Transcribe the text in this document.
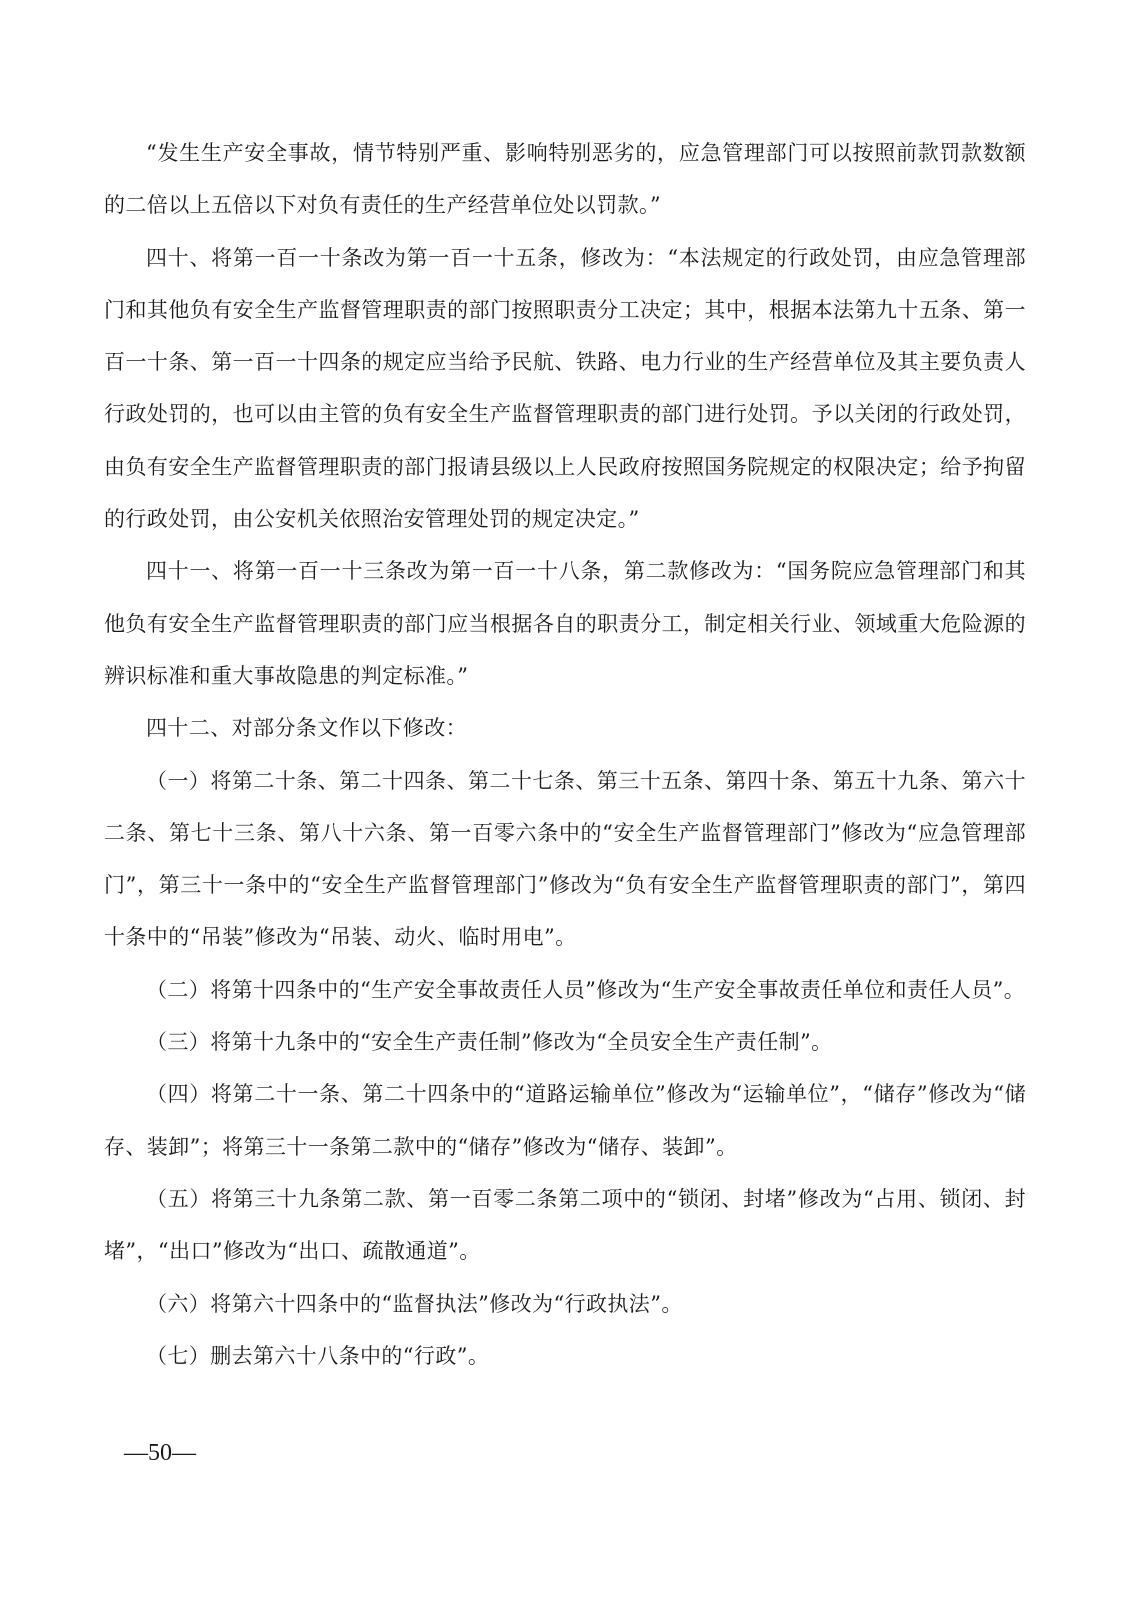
“发生生产安全事故，情节特别严重、影响特别恶劣的，应急管理部门可以按照前款罚款数额的二倍以上五倍以下对负有责任的生产经营单位处以罚款。”

四十、将第一百一十条改为第一百一十五条，修改为：“本法规定的行政处罚，由应急管理部门和其他负有安全生产监督管理职责的部门按照职责分工决定；其中，根据本法第九十五条、第一百一十条、第一百一十四条的规定应当给予民航、铁路、电力行业的生产经营单位及其主要负责人行政处罚的，也可以由主管的负有安全生产监督管理职责的部门进行处罚。予以关闭的行政处罚，由负有安全生产监督管理职责的部门报请县级以上人民政府按照国务院规定的权限决定；给予拘留的行政处罚，由公安机关依照治安管理处罚的规定决定。”

四十一、将第一百一十三条改为第一百一十八条，第二款修改为：“国务院应急管理部门和其他负有安全生产监督管理职责的部门应当根据各自的职责分工，制定相关行业、领域重大危险源的辨识标准和重大事故隐患的判定标准。”

四十二、对部分条文作以下修改：

（一）将第二十条、第二十四条、第二十七条、第三十五条、第四十条、第五十九条、第六十二条、第七十三条、第八十六条、第一百零六条中的“安全生产监督管理部门”修改为“应急管理部门”，第三十一条中的“安全生产监督管理部门”修改为“负有安全生产监督管理职责的部门”，第四十条中的“吊装”修改为“吊装、动火、临时用电”。

（二）将第十四条中的“生产安全事故责任人员”修改为“生产安全事故责任单位和责任人员”。

（三）将第十九条中的“安全生产责任制”修改为“全员安全生产责任制”。

（四）将第二十一条、第二十四条中的“道路运输单位”修改为“运输单位”，“储存”修改为“储存、装卸”；将第三十一条第二款中的“储存”修改为“储存、装卸”。

（五）将第三十九条第二款、第一百零二条第二项中的“锁闭、封堵”修改为“占用、锁闭、封堵”，“出口”修改为“出口、疏散通道”。

（六）将第六十四条中的“监督执法”修改为“行政执法”。

（七）删去第六十八条中的“行政”。

—50—
